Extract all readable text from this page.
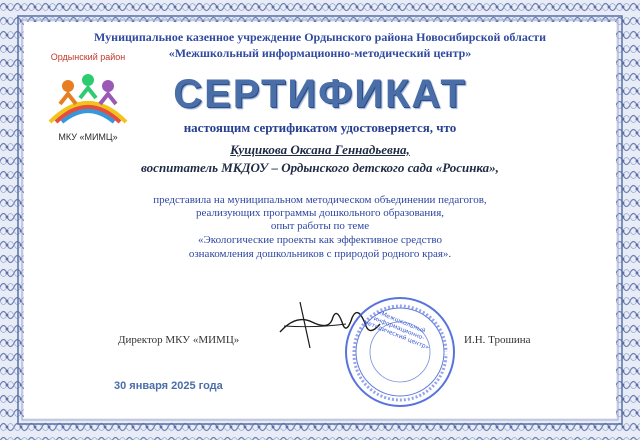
Муниципальное казенное учреждение Ордынского района Новосибирской области
«Межшкольный информационно-методический центр»
Ордынский район
МКУ «МИМЦ»
СЕРТИФИКАТ
настоящим сертификатом удостоверяется, что
Кущикова Оксана Геннадьевна,
воспитатель МКДОУ – Ордынского детского сада «Росинка»,
представила на муниципальном методическом объединении педагогов,
реализующих программы дошкольного образования,
опыт работы по теме
«Экологические проекты как эффективное средство
ознакомления дошкольников с природой родного края».
Директор МКУ «МИМЦ»	И.Н. Трошина
«Межшкольный информационно-методический центр»
30 января 2025 года
